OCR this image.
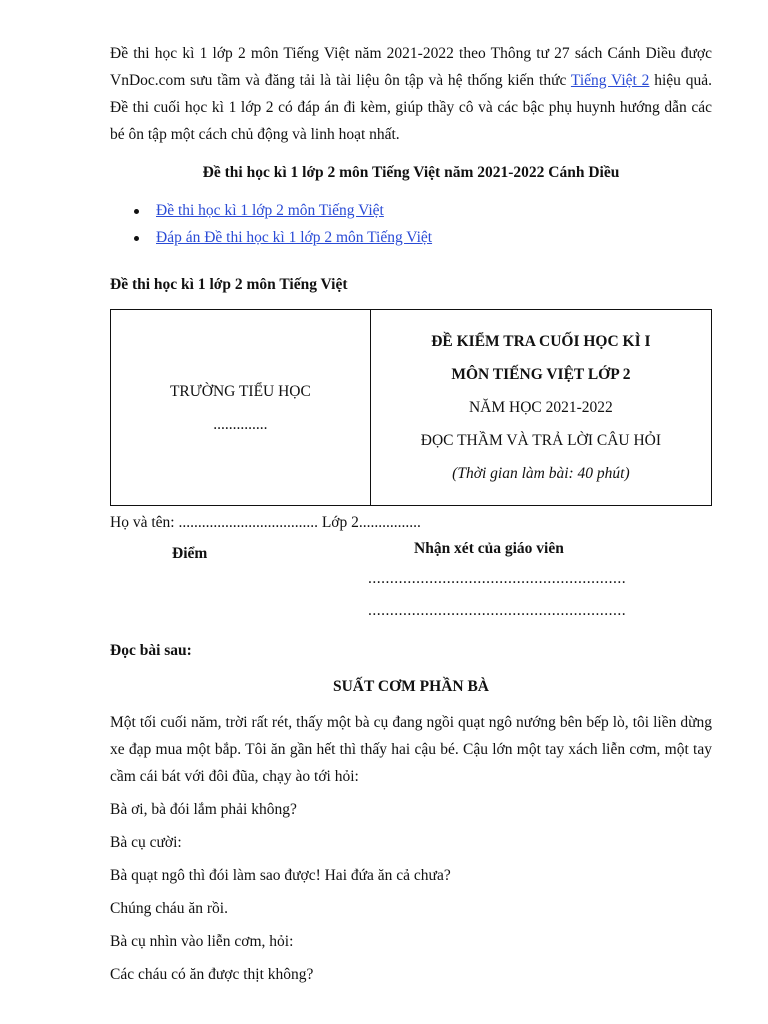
Đề thi học kì 1 lớp 2 môn Tiếng Việt năm 2021-2022 theo Thông tư 27 sách Cánh Diều được VnDoc.com sưu tầm và đăng tải là tài liệu ôn tập và hệ thống kiến thức Tiếng Việt 2 hiệu quả. Đề thi cuối học kì 1 lớp 2 có đáp án đi kèm, giúp thầy cô và các bậc phụ huynh hướng dẫn các bé ôn tập một cách chủ động và linh hoạt nhất.

Đề thi học kì 1 lớp 2 môn Tiếng Việt năm 2021-2022 Cánh Diều
Đề thi học kì 1 lớp 2 môn Tiếng Việt
Đáp án Đề thi học kì 1 lớp 2 môn Tiếng Việt
Đề thi học kì 1 lớp 2 môn Tiếng Việt
TRƯỜNG TIỂU HỌC
..............

ĐỀ KIỂM TRA CUỐI HỌC KÌ I
MÔN TIẾNG VIỆT LỚP 2
NĂM HỌC 2021-2022
ĐỌC THẦM VÀ TRẢ LỜI CÂU HỎI
(Thời gian làm bài: 40 phút)
Họ và tên: .................................... Lớp 2................
Điểm	Nhận xét của giáo viên
...........................................................
...........................................................
Đọc bài sau:
SUẤT CƠM PHẦN BÀ
Một tối cuối năm, trời rất rét, thấy một bà cụ đang ngồi quạt ngô nướng bên bếp lò, tôi liền dừng xe đạp mua một bắp. Tôi ăn gần hết thì thấy hai cậu bé. Cậu lớn một tay xách liễn cơm, một tay cầm cái bát với đôi đũa, chạy ào tới hỏi:
Bà ơi, bà đói lắm phải không?
Bà cụ cười:
Bà quạt ngô thì đói làm sao được! Hai đứa ăn cả chưa?
Chúng cháu ăn rồi.
Bà cụ nhìn vào liễn cơm, hỏi:
Các cháu có ăn được thịt không?
